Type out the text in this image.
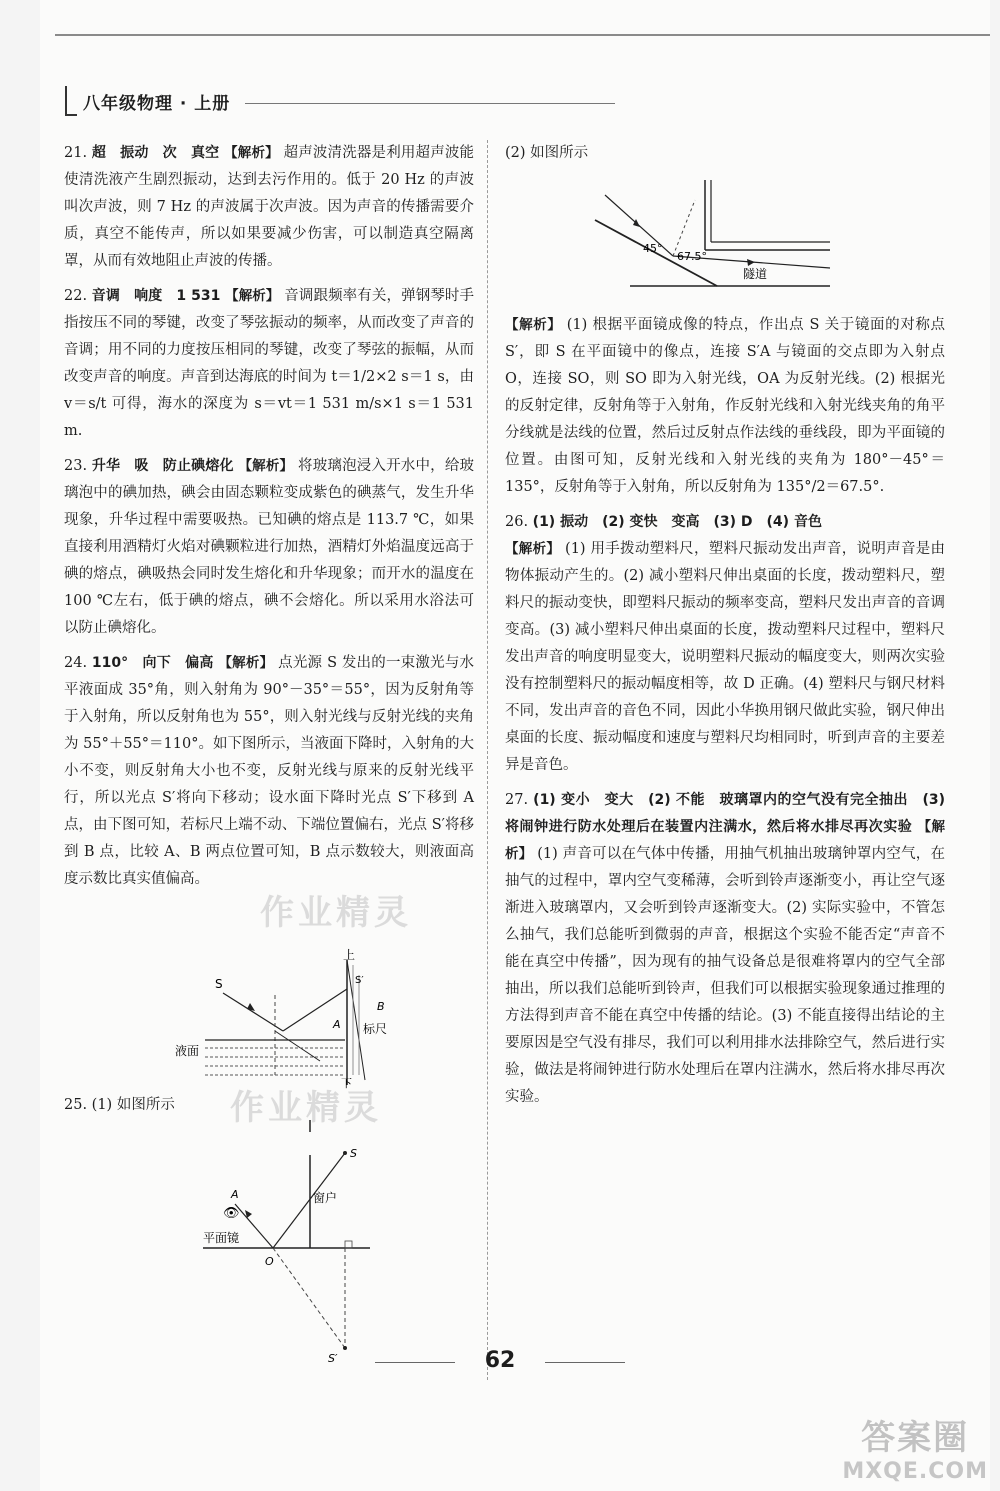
八年级物理 · 上册
21. 超　振动　次　真空 【解析】 超声波清洗器是利用超声波能使清洗液产生剧烈振动，达到去污作用的。低于 20 Hz 的声波叫次声波，则 7 Hz 的声波属于次声波。因为声音的传播需要介质，真空不能传声，所以如果要减少伤害，可以制造真空隔离罩，从而有效地阻止声波的传播。
22. 音调　响度　1 531 【解析】 音调跟频率有关，弹钢琴时手指按压不同的琴键，改变了琴弦振动的频率，从而改变了声音的音调；用不同的力度按压相同的琴键，改变了琴弦的振幅，从而改变声音的响度。声音到达海底的时间为 t＝1/2×2 s＝1 s，由 v＝s/t 可得，海水的深度为 s＝vt＝1 531 m/s×1 s＝1 531 m.
23. 升华　吸　防止碘熔化 【解析】 将玻璃泡浸入开水中，给玻璃泡中的碘加热，碘会由固态颗粒变成紫色的碘蒸气，发生升华现象，升华过程中需要吸热。已知碘的熔点是 113.7 ℃，如果直接利用酒精灯火焰对碘颗粒进行加热，酒精灯外焰温度远高于碘的熔点，碘吸热会同时发生熔化和升华现象；而开水的温度在 100 ℃左右，低于碘的熔点，碘不会熔化。所以采用水浴法可以防止碘熔化。
24. 110°　向下　偏高 【解析】 点光源 S 发出的一束激光与水平液面成 35°角，则入射角为 90°－35°＝55°，因为反射角等于入射角，所以反射角也为 55°，则入射光线与反射光线的夹角为 55°＋55°＝110°。如下图所示，当液面下降时，入射角的大小不变，则反射角大小也不变，反射光线与原来的反射光线平行，所以光点 S′将向下移动；设水面下降时光点 S′下移到 A 点，由下图可知，若标尺上端不动、下端位置偏右，光点 S′将移到 B 点，比较 A、B 两点位置可知，B 点示数较大，则液面高度示数比真实值偏高。
S
液面
上
S′
B
A 标尺
下
25. (1) 如图所示
S
A
👁
窗户
平面镜
O
S′
(2) 如图所示
45°
67.5°
隧道
【解析】 (1) 根据平面镜成像的特点，作出点 S 关于镜面的对称点 S′，即 S 在平面镜中的像点，连接 S′A 与镜面的交点即为入射点 O，连接 SO，则 SO 即为入射光线，OA 为反射光线。(2) 根据光的反射定律，反射角等于入射角，作反射光线和入射光线夹角的角平分线就是法线的位置，然后过反射点作法线的垂线段，即为平面镜的位置。由图可知，反射光线和入射光线的夹角为 180°－45°＝135°，反射角等于入射角，所以反射角为 135°/2＝67.5°.
26. (1) 振动　(2) 变快　变高　(3) D　(4) 音色
【解析】 (1) 用手拨动塑料尺，塑料尺振动发出声音，说明声音是由物体振动产生的。(2) 减小塑料尺伸出桌面的长度，拨动塑料尺，塑料尺的振动变快，即塑料尺振动的频率变高，塑料尺发出声音的音调变高。(3) 减小塑料尺伸出桌面的长度，拨动塑料尺过程中，塑料尺发出声音的响度明显变大，说明塑料尺振动的幅度变大，则两次实验没有控制塑料尺的振动幅度相等，故 D 正确。(4) 塑料尺与钢尺材料不同，发出声音的音色不同，因此小华换用钢尺做此实验，钢尺伸出桌面的长度、振动幅度和速度与塑料尺均相同时，听到声音的主要差异是音色。
27. (1) 变小　变大　(2) 不能　玻璃罩内的空气没有完全抽出　(3) 将闹钟进行防水处理后在装置内注满水，然后将水排尽再次实验 【解析】 (1) 声音可以在气体中传播，用抽气机抽出玻璃钟罩内空气，在抽气的过程中，罩内空气变稀薄，会听到铃声逐渐变小，再让空气逐渐进入玻璃罩内，又会听到铃声逐渐变大。(2) 实际实验中，不管怎么抽气，我们总能听到微弱的声音，根据这个实验不能否定“声音不能在真空中传播”，因为现有的抽气设备总是很难将罩内的空气全部抽出，所以我们总能听到铃声，但我们可以根据实验现象通过推理的方法得到声音不能在真空中传播的结论。(3) 不能直接得出结论的主要原因是空气没有排尽，我们可以利用排水法排除空气，然后进行实验，做法是将闹钟进行防水处理后在罩内注满水，然后将水排尽再次实验。
作业精灵
作业精灵
62
答案圈
MXQE.COM
